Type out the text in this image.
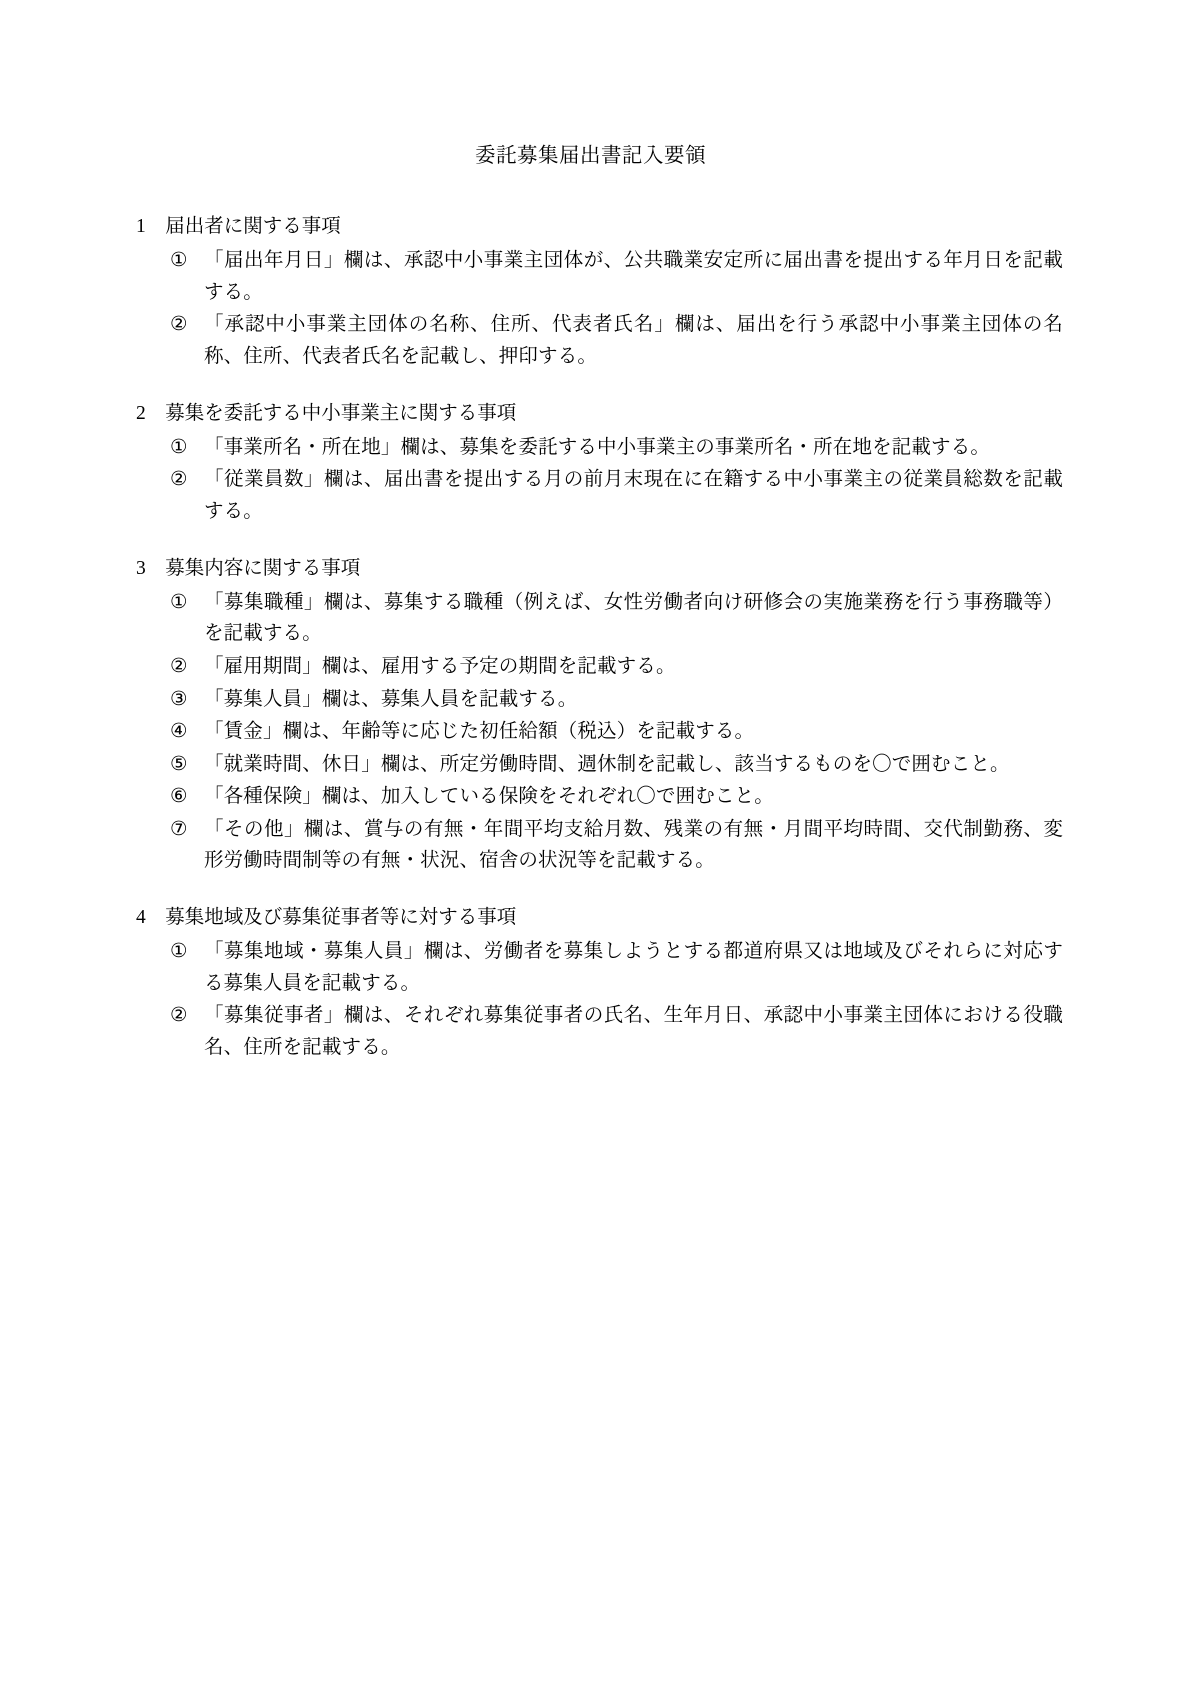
委託募集届出書記入要領
1　届出者に関する事項
① 「届出年月日」欄は、承認中小事業主団体が、公共職業安定所に届出書を提出する年月日を記載する。
② 「承認中小事業主団体の名称、住所、代表者氏名」欄は、届出を行う承認中小事業主団体の名称、住所、代表者氏名を記載し、押印する。
2　募集を委託する中小事業主に関する事項
① 「事業所名・所在地」欄は、募集を委託する中小事業主の事業所名・所在地を記載する。
② 「従業員数」欄は、届出書を提出する月の前月末現在に在籍する中小事業主の従業員総数を記載する。
3　募集内容に関する事項
① 「募集職種」欄は、募集する職種（例えば、女性労働者向け研修会の実施業務を行う事務職等）を記載する。
② 「雇用期間」欄は、雇用する予定の期間を記載する。
③ 「募集人員」欄は、募集人員を記載する。
④ 「賃金」欄は、年齢等に応じた初任給額（税込）を記載する。
⑤ 「就業時間、休日」欄は、所定労働時間、週休制を記載し、該当するものを〇で囲むこと。
⑥ 「各種保険」欄は、加入している保険をそれぞれ〇で囲むこと。
⑦ 「その他」欄は、賞与の有無・年間平均支給月数、残業の有無・月間平均時間、交代制勤務、変形労働時間制等の有無・状況、宿舎の状況等を記載する。
4　募集地域及び募集従事者等に対する事項
① 「募集地域・募集人員」欄は、労働者を募集しようとする都道府県又は地域及びそれらに対応する募集人員を記載する。
② 「募集従事者」欄は、それぞれ募集従事者の氏名、生年月日、承認中小事業主団体における役職名、住所を記載する。
